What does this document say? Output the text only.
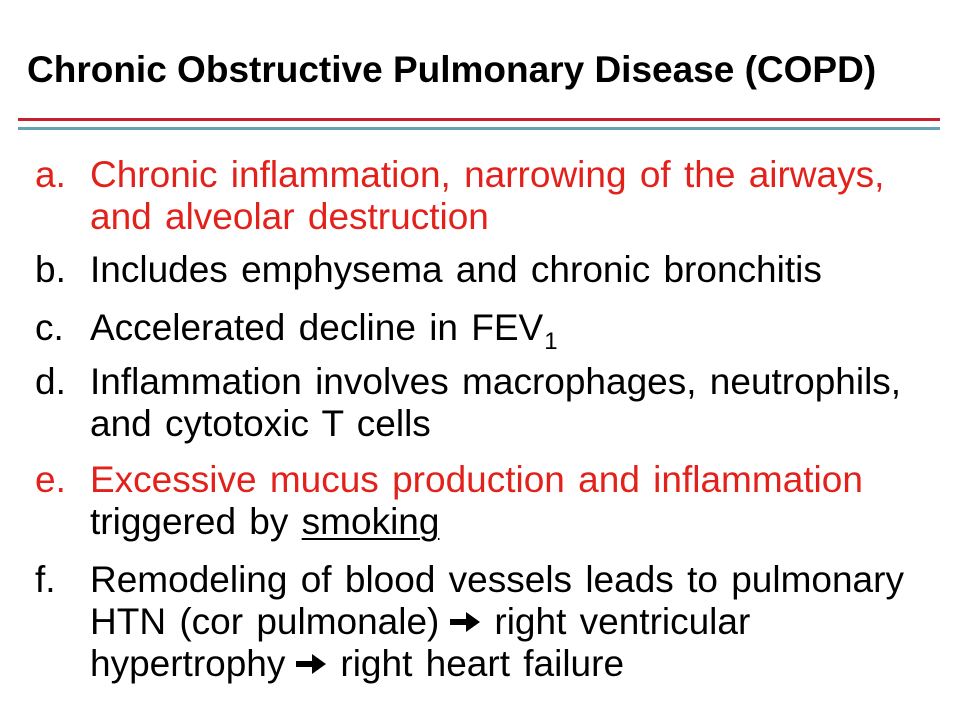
Chronic Obstructive Pulmonary Disease (COPD)
a. Chronic inflammation, narrowing of the airways,
and alveolar destruction
b. Includes emphysema and chronic bronchitis
c. Accelerated decline in $FEV_1$
d. Inflammation involves macrophages, neutrophils,
and cytotoxic T cells
e. Excessive mucus production and inflammation
triggered by smoking
f. Remodeling of blood vessels leads to pulmonary
HTN (cor pulmonale) right ventricular
hypertrophy right heart failure
